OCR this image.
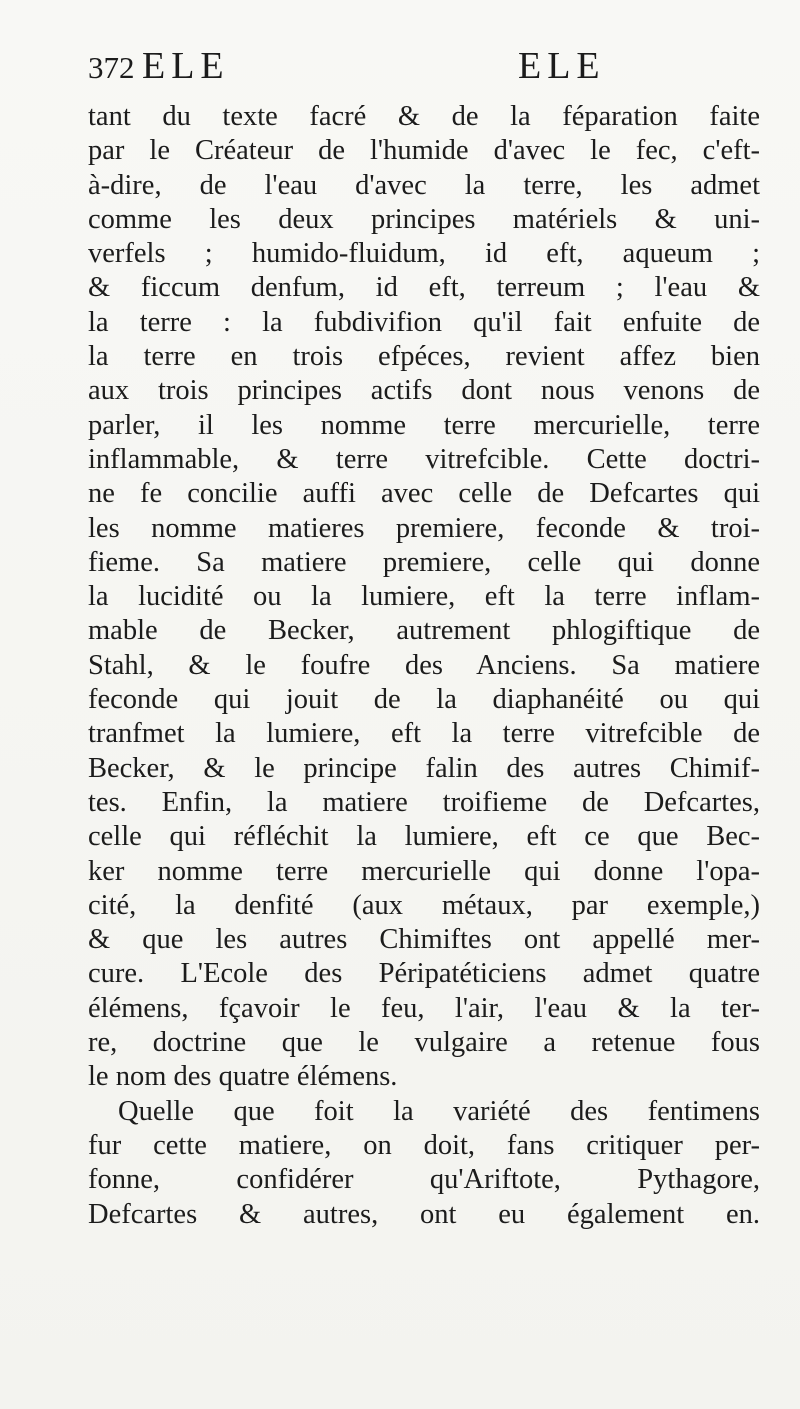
372 ELE	ELE
tant du texte facré & de la féparation faite
par le Créateur de l'humide d'avec le fec, c'eft-
à-dire, de l'eau d'avec la terre, les admet
comme les deux principes matériels & uni-
verfels ; humido-fluidum, id eft, aqueum ;
& ficcum denfum, id eft, terreum ; l'eau &
la terre : la fubdivifion qu'il fait enfuite de
la terre en trois efpéces, revient affez bien
aux trois principes actifs dont nous venons de
parler, il les nomme terre mercurielle, terre
inflammable, & terre vitrefcible. Cette doctri-
ne fe concilie auffi avec celle de Defcartes qui
les nomme matieres premiere, feconde & troi-
fieme. Sa matiere premiere, celle qui donne
la lucidité ou la lumiere, eft la terre inflam-
mable de Becker, autrement phlogiftique de
Stahl, & le foufre des Anciens. Sa matiere
feconde qui jouit de la diaphanéité ou qui
tranfmet la lumiere, eft la terre vitrefcible de
Becker, & le principe falin des autres Chimif-
tes. Enfin, la matiere troifieme de Defcartes,
celle qui réfléchit la lumiere, eft ce que Bec-
ker nomme terre mercurielle qui donne l'opa-
cité, la denfité (aux métaux, par exemple,)
& que les autres Chimiftes ont appellé mer-
cure. L'Ecole des Péripatéticiens admet quatre
élémens, fçavoir le feu, l'air, l'eau & la ter-
re, doctrine que le vulgaire a retenue fous
le nom des quatre élémens.
Quelle que foit la variété des fentimens
fur cette matiere, on doit, fans critiquer per-
fonne, confidérer qu'Ariftote, Pythagore,
Defcartes & autres, ont eu également en.
